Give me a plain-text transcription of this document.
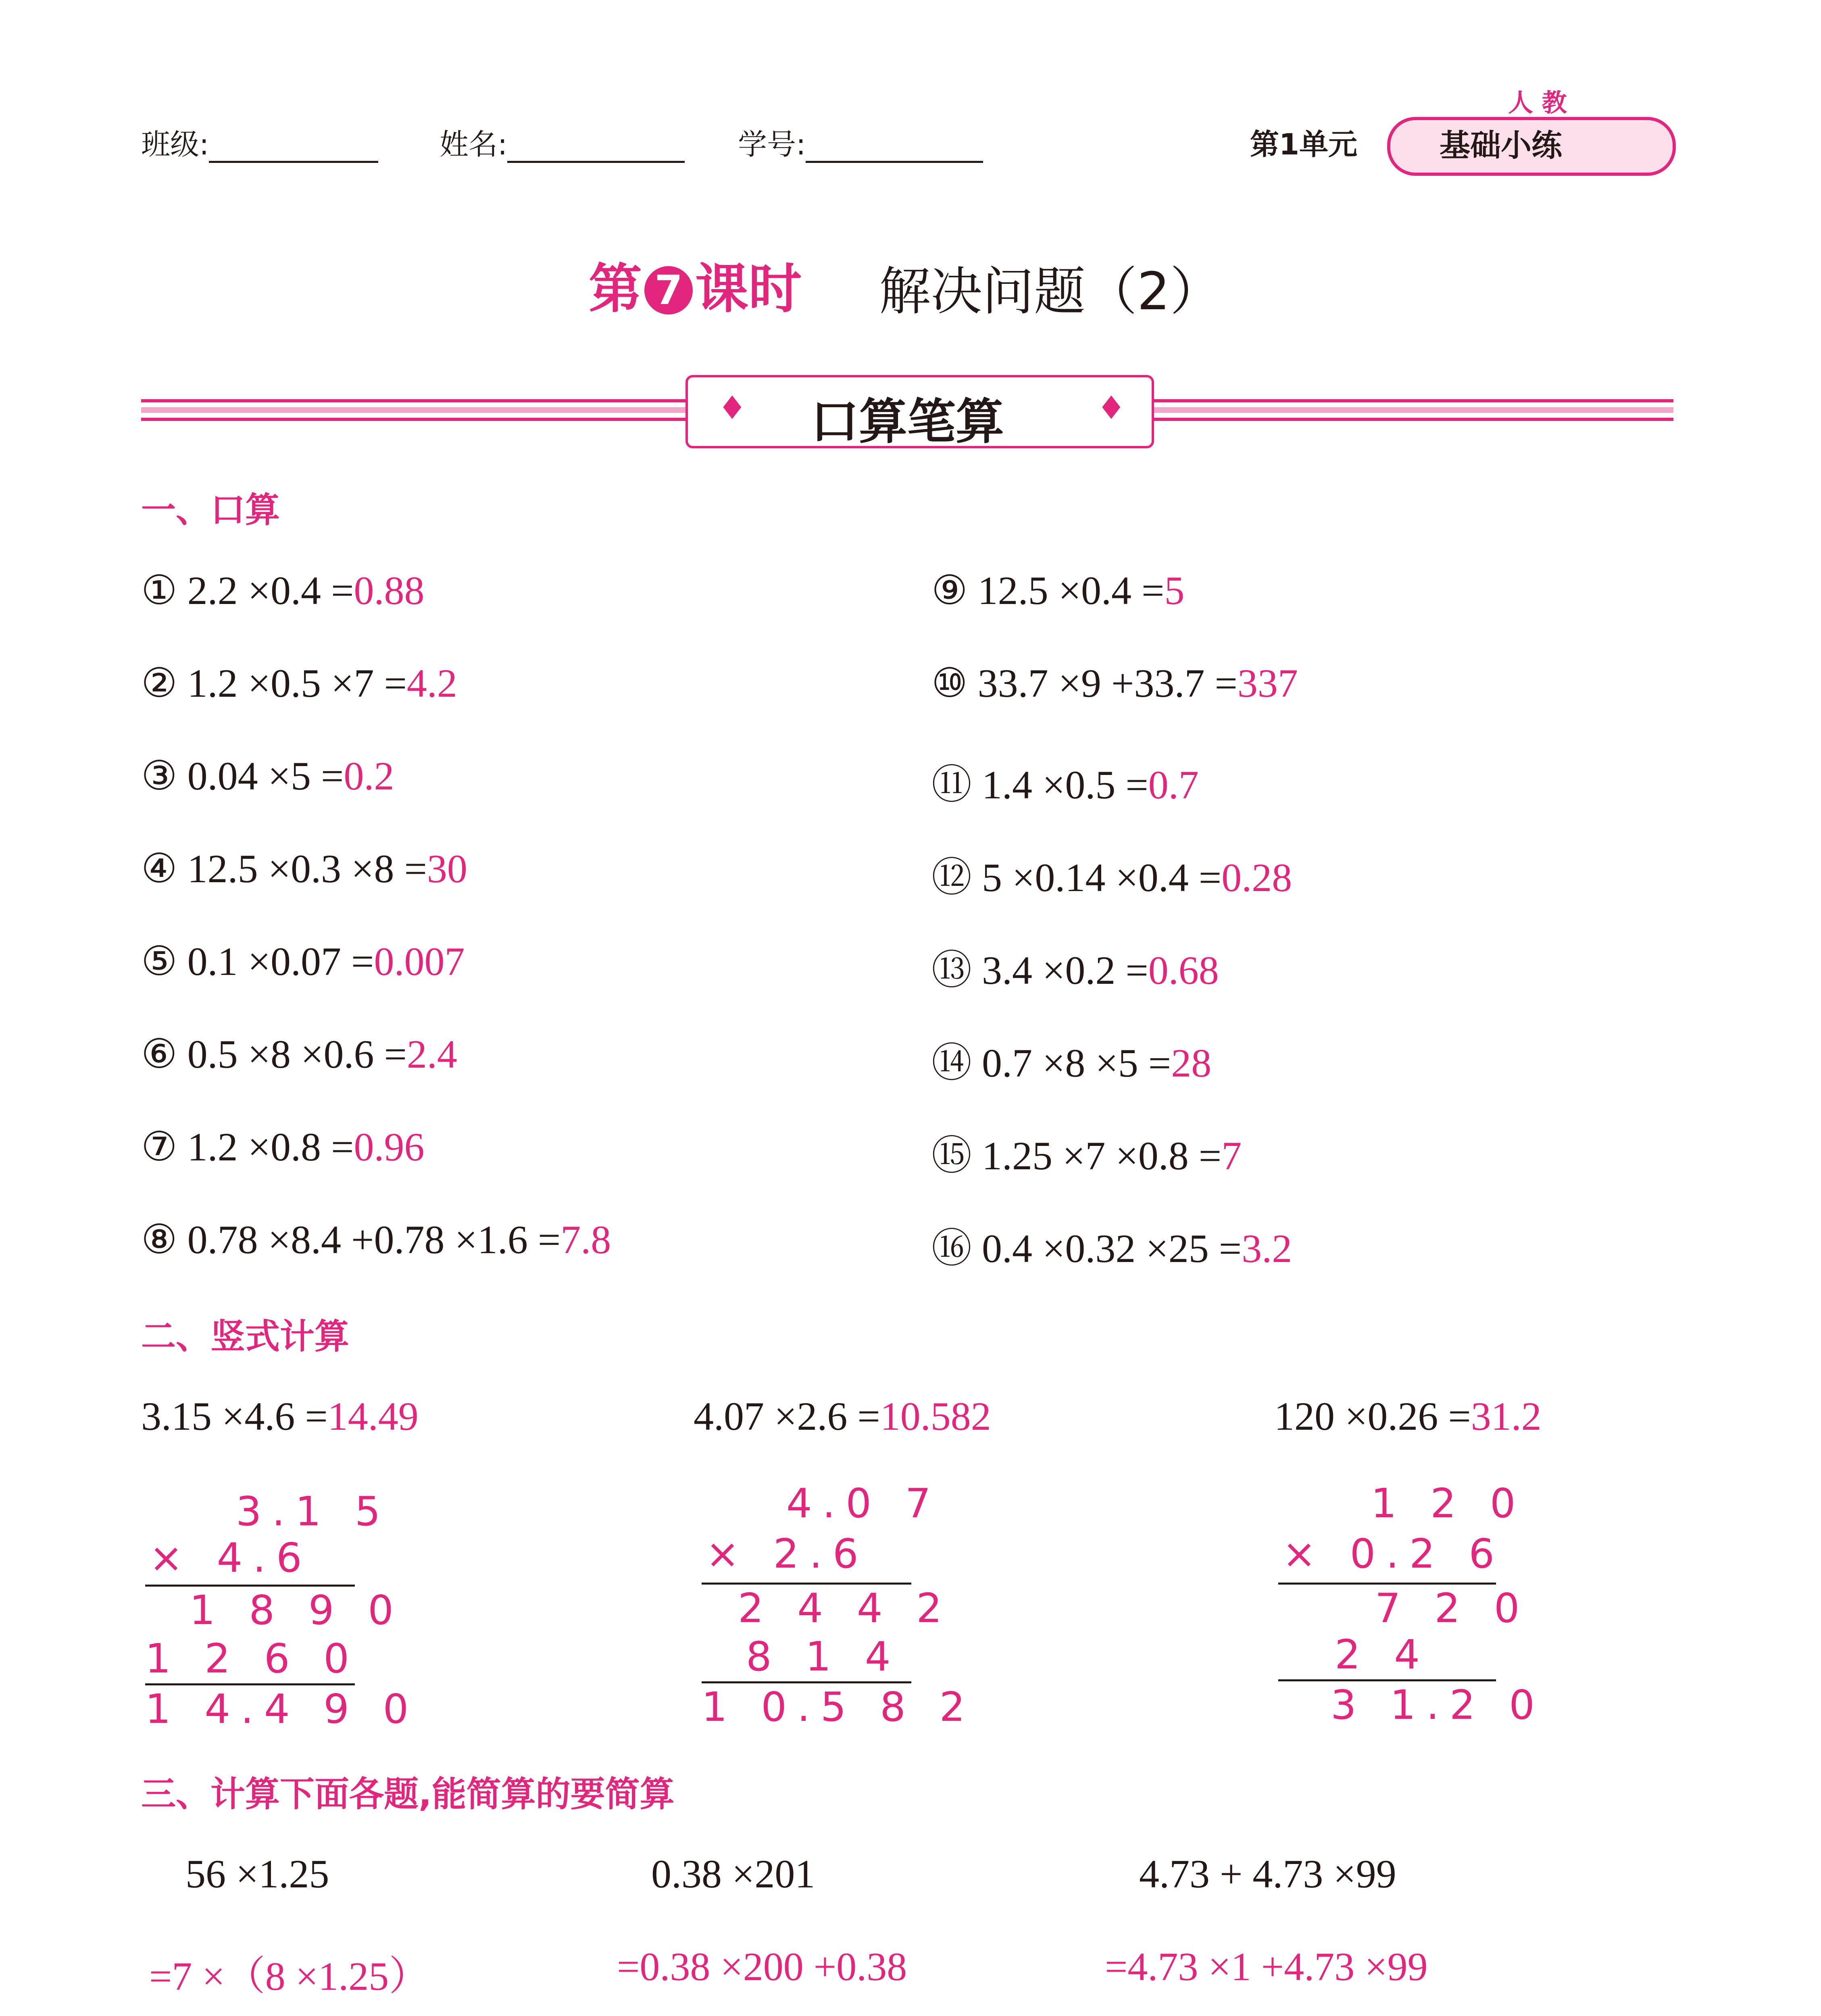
班级:	姓名:	学号:	第1单元
人 教
基础小练
第 7 课时 解决问题（2）
♦	♦
口算笔算
一、口算
① 2.2 ×0.4 =0.88
② 1.2 ×0.5 ×7 =4.2
③ 0.04 ×5 =0.2
④ 12.5 ×0.3 ×8 =30
⑤ 0.1 ×0.07 =0.007
⑥ 0.5 ×8 ×0.6 =2.4
⑦ 1.2 ×0.8 =0.96
⑧ 0.78 ×8.4 +0.78 ×1.6 =7.8
⑨ 12.5 ×0.4 =5
⑩ 33.7 ×9 +33.7 =337
⑪ 1.4 ×0.5 =0.7
⑫ 5 ×0.14 ×0.4 =0.28
⑬ 3.4 ×0.2 =0.68
⑭ 0.7 ×8 ×5 =28
⑮ 1.25 ×7 ×0.8 =7
⑯ 0.4 ×0.32 ×25 =3.2
二、竖式计算
3.15 ×4.6 =14.49	4.07 ×2.6 =10.582	120 ×0.26 =31.2
3.1 5
× 4.6
1 8 9 0
1 2 6 0
1 4.4 9 0
4.0 7
× 2.6
2 4 4 2
8 1 4
1 0.5 8 2
1 2 0
× 0.2 6
7 2 0
2 4
3 1.2 0
三、计算下面各题,能简算的要简算
56 ×1.25
=7 ×（8 ×1.25）
0.38 ×201
=0.38 ×200 +0.38
4.73 + 4.73 ×99
=4.73 ×1 +4.73 ×99
